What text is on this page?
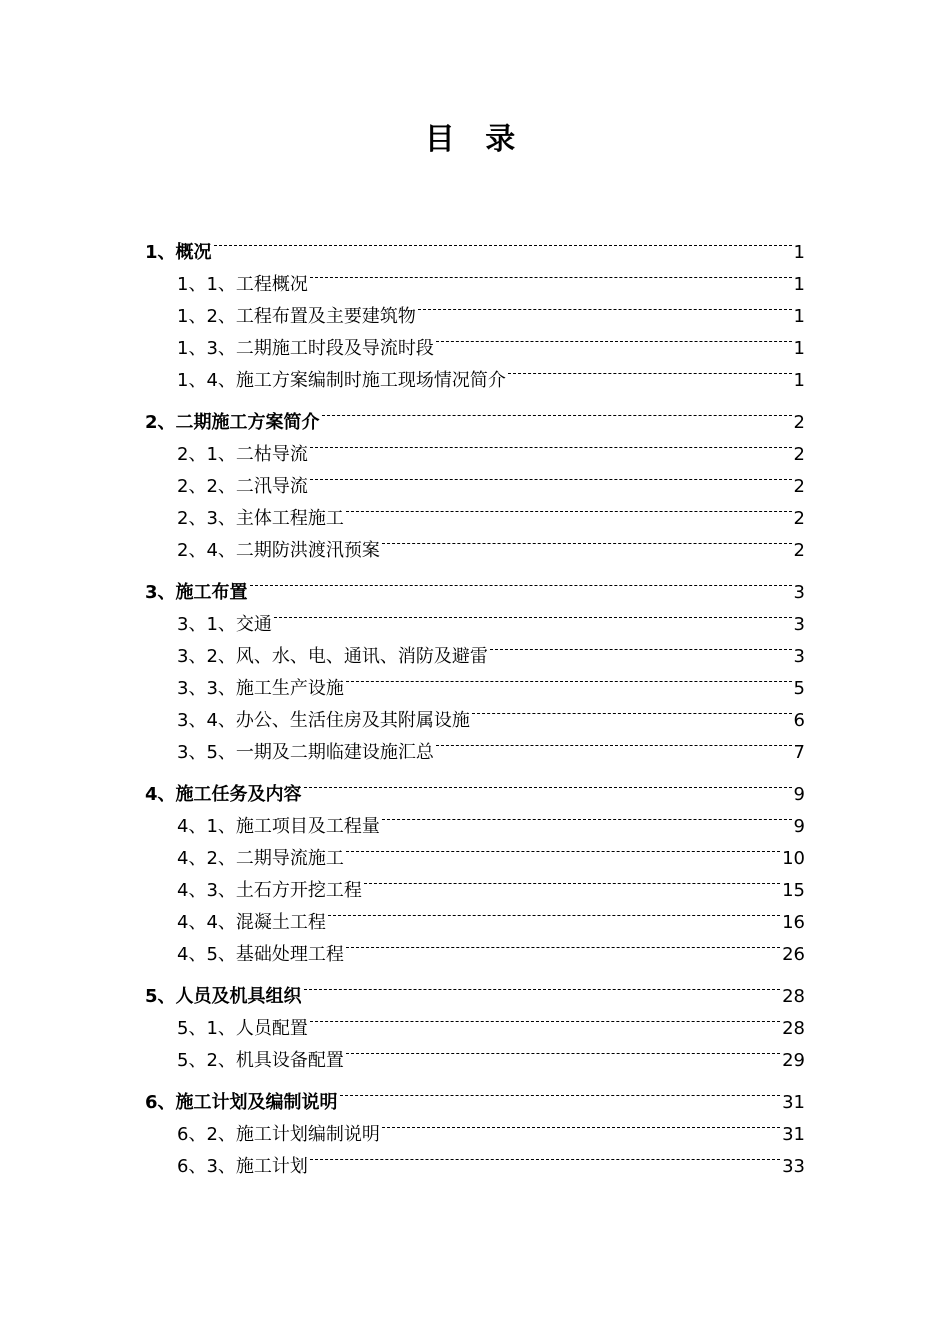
目 录
1、概况	1
1、1、工程概况	1
1、2、工程布置及主要建筑物	1
1、3、二期施工时段及导流时段	1
1、4、施工方案编制时施工现场情况简介	1
2、二期施工方案简介	2
2、1、二枯导流	2
2、2、二汛导流	2
2、3、主体工程施工	2
2、4、二期防洪渡汛预案	2
3、施工布置	3
3、1、交通	3
3、2、风、水、电、通讯、消防及避雷	3
3、3、施工生产设施	5
3、4、办公、生活住房及其附属设施	6
3、5、一期及二期临建设施汇总	7
4、施工任务及内容	9
4、1、施工项目及工程量	9
4、2、二期导流施工	10
4、3、土石方开挖工程	15
4、4、混凝土工程	16
4、5、基础处理工程	26
5、人员及机具组织	28
5、1、人员配置	28
5、2、机具设备配置	29
6、施工计划及编制说明	31
6、2、施工计划编制说明	31
6、3、施工计划	33
